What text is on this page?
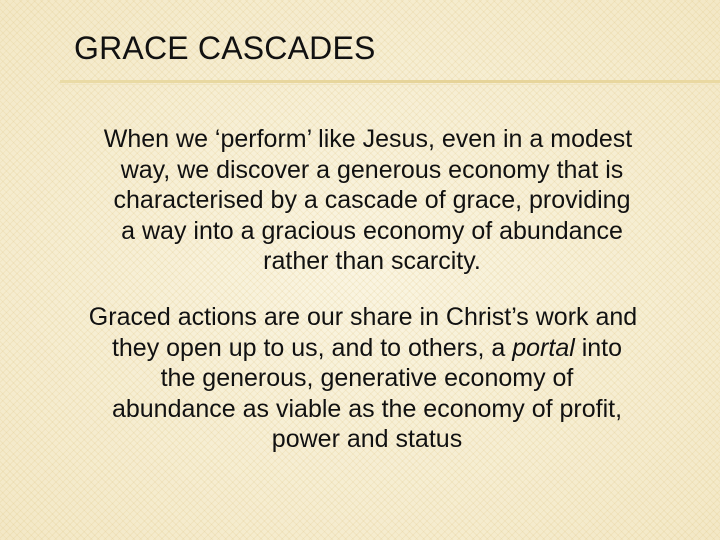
GRACE CASCADES

When we ‘perform’ like Jesus, even in a modest
way, we discover a generous economy that is
characterised by a cascade of grace, providing
a way into a gracious economy of abundance
rather than scarcity.

Graced actions are our share in Christ’s work and
they open up to us, and to others, a portal into
the generous, generative economy of
abundance as viable as the economy of profit,
power and status
